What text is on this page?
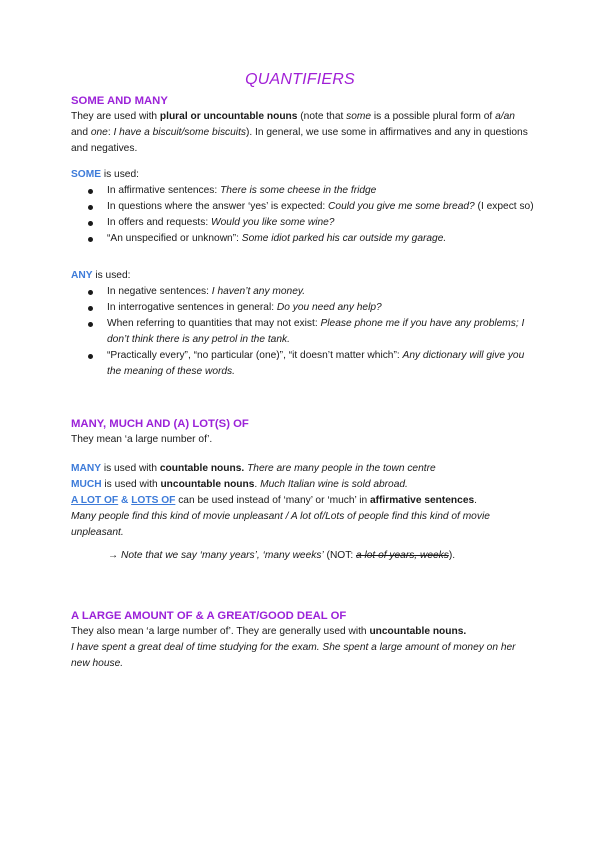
QUANTIFIERS
SOME AND MANY

They are used with plural or uncountable nouns (note that some is a possible plural form of a/an and one: I have a biscuit/some biscuits). In general, we use some in affirmatives and any in questions and negatives.

SOME is used:

In affirmative sentences: There is some cheese in the fridge
In questions where the answer ‘yes’ is expected: Could you give me some bread? (I expect so)
In offers and requests: Would you like some wine?
“An unspecified or unknown”: Some idiot parked his car outside my garage.

ANY is used:

In negative sentences: I haven’t any money.
In interrogative sentences in general: Do you need any help?
When referring to quantities that may not exist: Please phone me if you have any problems; I don’t think there is any petrol in the tank.
“Practically every”, “no particular (one)”, “it doesn’t matter which”: Any dictionary will give you the meaning of these words.
MANY, MUCH AND (A) LOT(S) OF

They mean ‘a large number of’.

MANY is used with countable nouns. There are many people in the town centre
MUCH is used with uncountable nouns. Much Italian wine is sold abroad.
A LOT OF & LOTS OF can be used instead of ‘many’ or ‘much’ in affirmative sentences.
Many people find this kind of movie unpleasant / A lot of/Lots of people find this kind of movie unpleasant.

→ Note that we say ‘many years’, ‘many weeks’ (NOT: a lot of years, weeks).

A LARGE AMOUNT OF & A GREAT/GOOD DEAL OF

They also mean ‘a large number of’. They are generally used with uncountable nouns.
I have spent a great deal of time studying for the exam. She spent a large amount of money on her new house.
